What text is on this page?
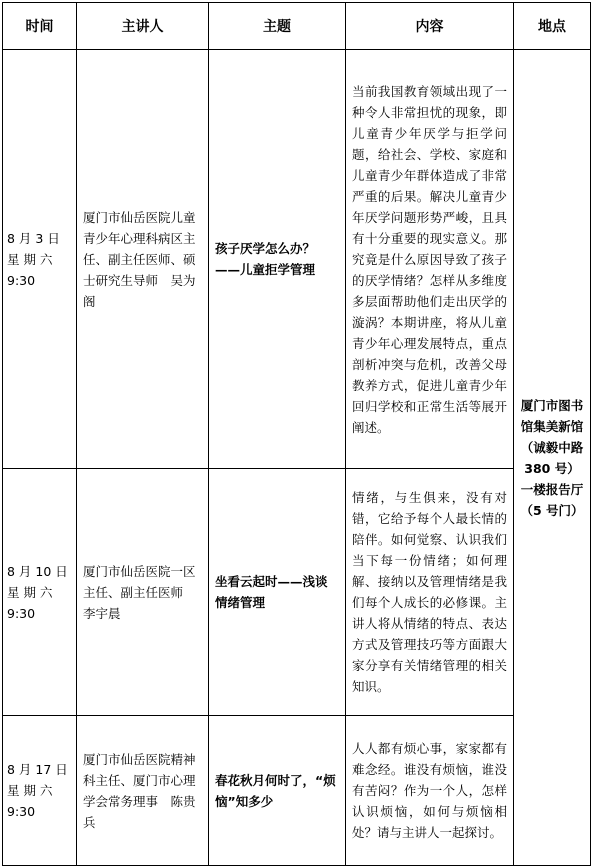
时间	主讲人	主题	内容	地点

8 月 3 日
星 期 六
9:30	厦门市仙岳医院儿童青少年心理科病区主任、副主任医师、硕士研究生导师　吴为阁	孩子厌学怎么办？——儿童拒学管理	当前我国教育领域出现了一种令人非常担忧的现象，即儿童青少年厌学与拒学问题，给社会、学校、家庭和儿童青少年群体造成了非常严重的后果。解决儿童青少年厌学问题形势严峻，且具有十分重要的现实意义。那究竟是什么原因导致了孩子的厌学情绪？怎样从多维度多层面帮助他们走出厌学的漩涡？本期讲座，将从儿童青少年心理发展特点，重点剖析冲突与危机，改善父母教养方式，促进儿童青少年回归学校和正常生活等展开阐述。	厦门市图书馆集美新馆（诚毅中路 380 号）一楼报告厅（5 号门）

8 月 10 日
星 期 六
9:30	厦门市仙岳医院一区主任、副主任医师　李宇晨	坐看云起时——浅谈情绪管理	情绪，与生俱来，没有对错，它给予每个人最长情的陪伴。如何觉察、认识我们当下每一份情绪；如何理解、接纳以及管理情绪是我们每个人成长的必修课。主讲人将从情绪的特点、表达方式及管理技巧等方面跟大家分享有关情绪管理的相关知识。	

8 月 17 日
星 期 六
9:30	厦门市仙岳医院精神科主任、厦门市心理学会常务理事　陈贵兵	春花秋月何时了，“烦恼”知多少	人人都有烦心事，家家都有难念经。谁没有烦恼，谁没有苦闷？作为一个人，怎样认识烦恼，如何与烦恼相处？请与主讲人一起探讨。	
